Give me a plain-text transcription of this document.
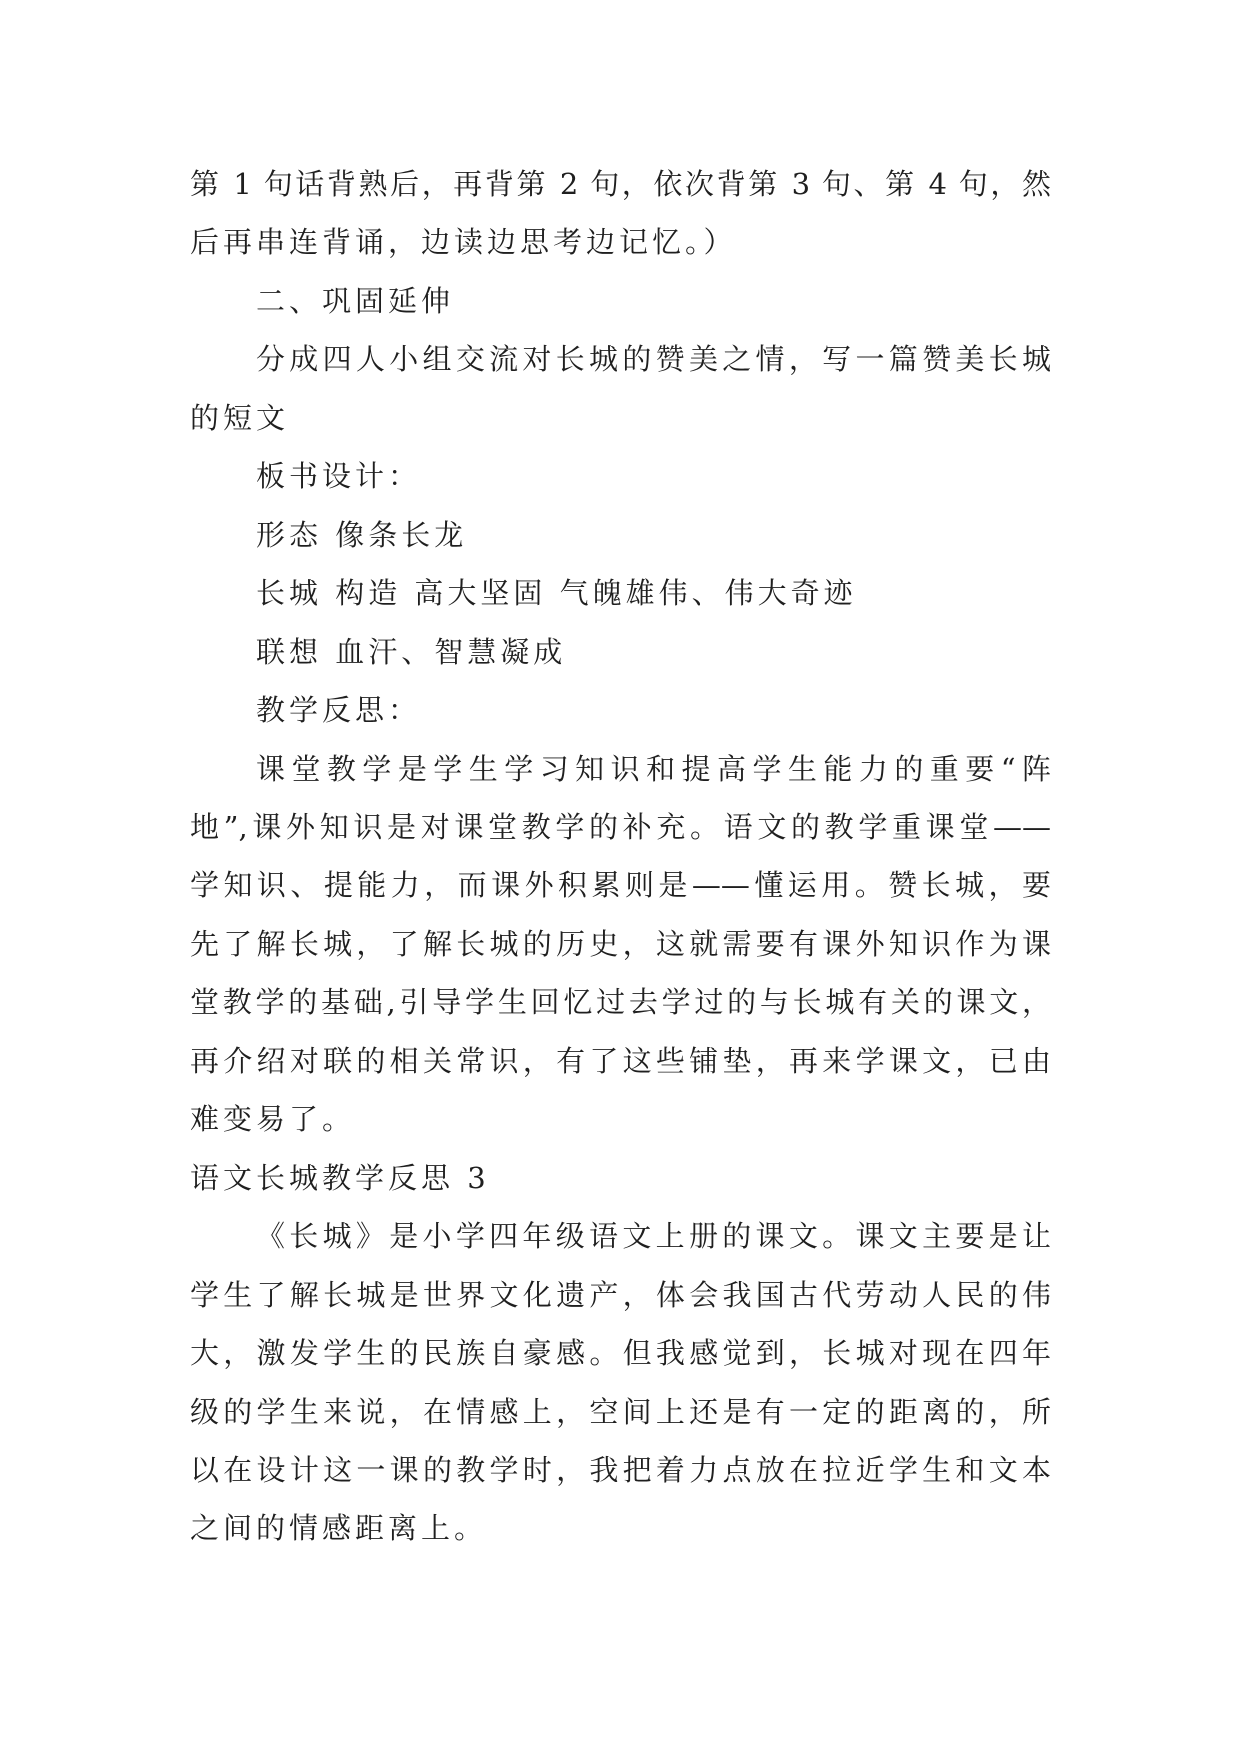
第 1 句话背熟后，再背第 2 句，依次背第 3 句、第 4 句，然
后再串连背诵，边读边思考边记忆。）
二、巩固延伸
分成四人小组交流对长城的赞美之情，写一篇赞美长城
的短文
板书设计：
形态 像条长龙
长城 构造 高大坚固 气魄雄伟、伟大奇迹
联想 血汗、智慧凝成
教学反思：
课堂教学是学生学习知识和提高学生能力的重要“阵
地”,课外知识是对课堂教学的补充。语文的教学重课堂——
学知识、提能力，而课外积累则是——懂运用。赞长城，要
先了解长城，了解长城的历史，这就需要有课外知识作为课
堂教学的基础,引导学生回忆过去学过的与长城有关的课文，
再介绍对联的相关常识，有了这些铺垫，再来学课文，已由
难变易了。
语文长城教学反思 3
《长城》是小学四年级语文上册的课文。课文主要是让
学生了解长城是世界文化遗产，体会我国古代劳动人民的伟
大，激发学生的民族自豪感。但我感觉到，长城对现在四年
级的学生来说，在情感上，空间上还是有一定的距离的，所
以在设计这一课的教学时，我把着力点放在拉近学生和文本
之间的情感距离上。
